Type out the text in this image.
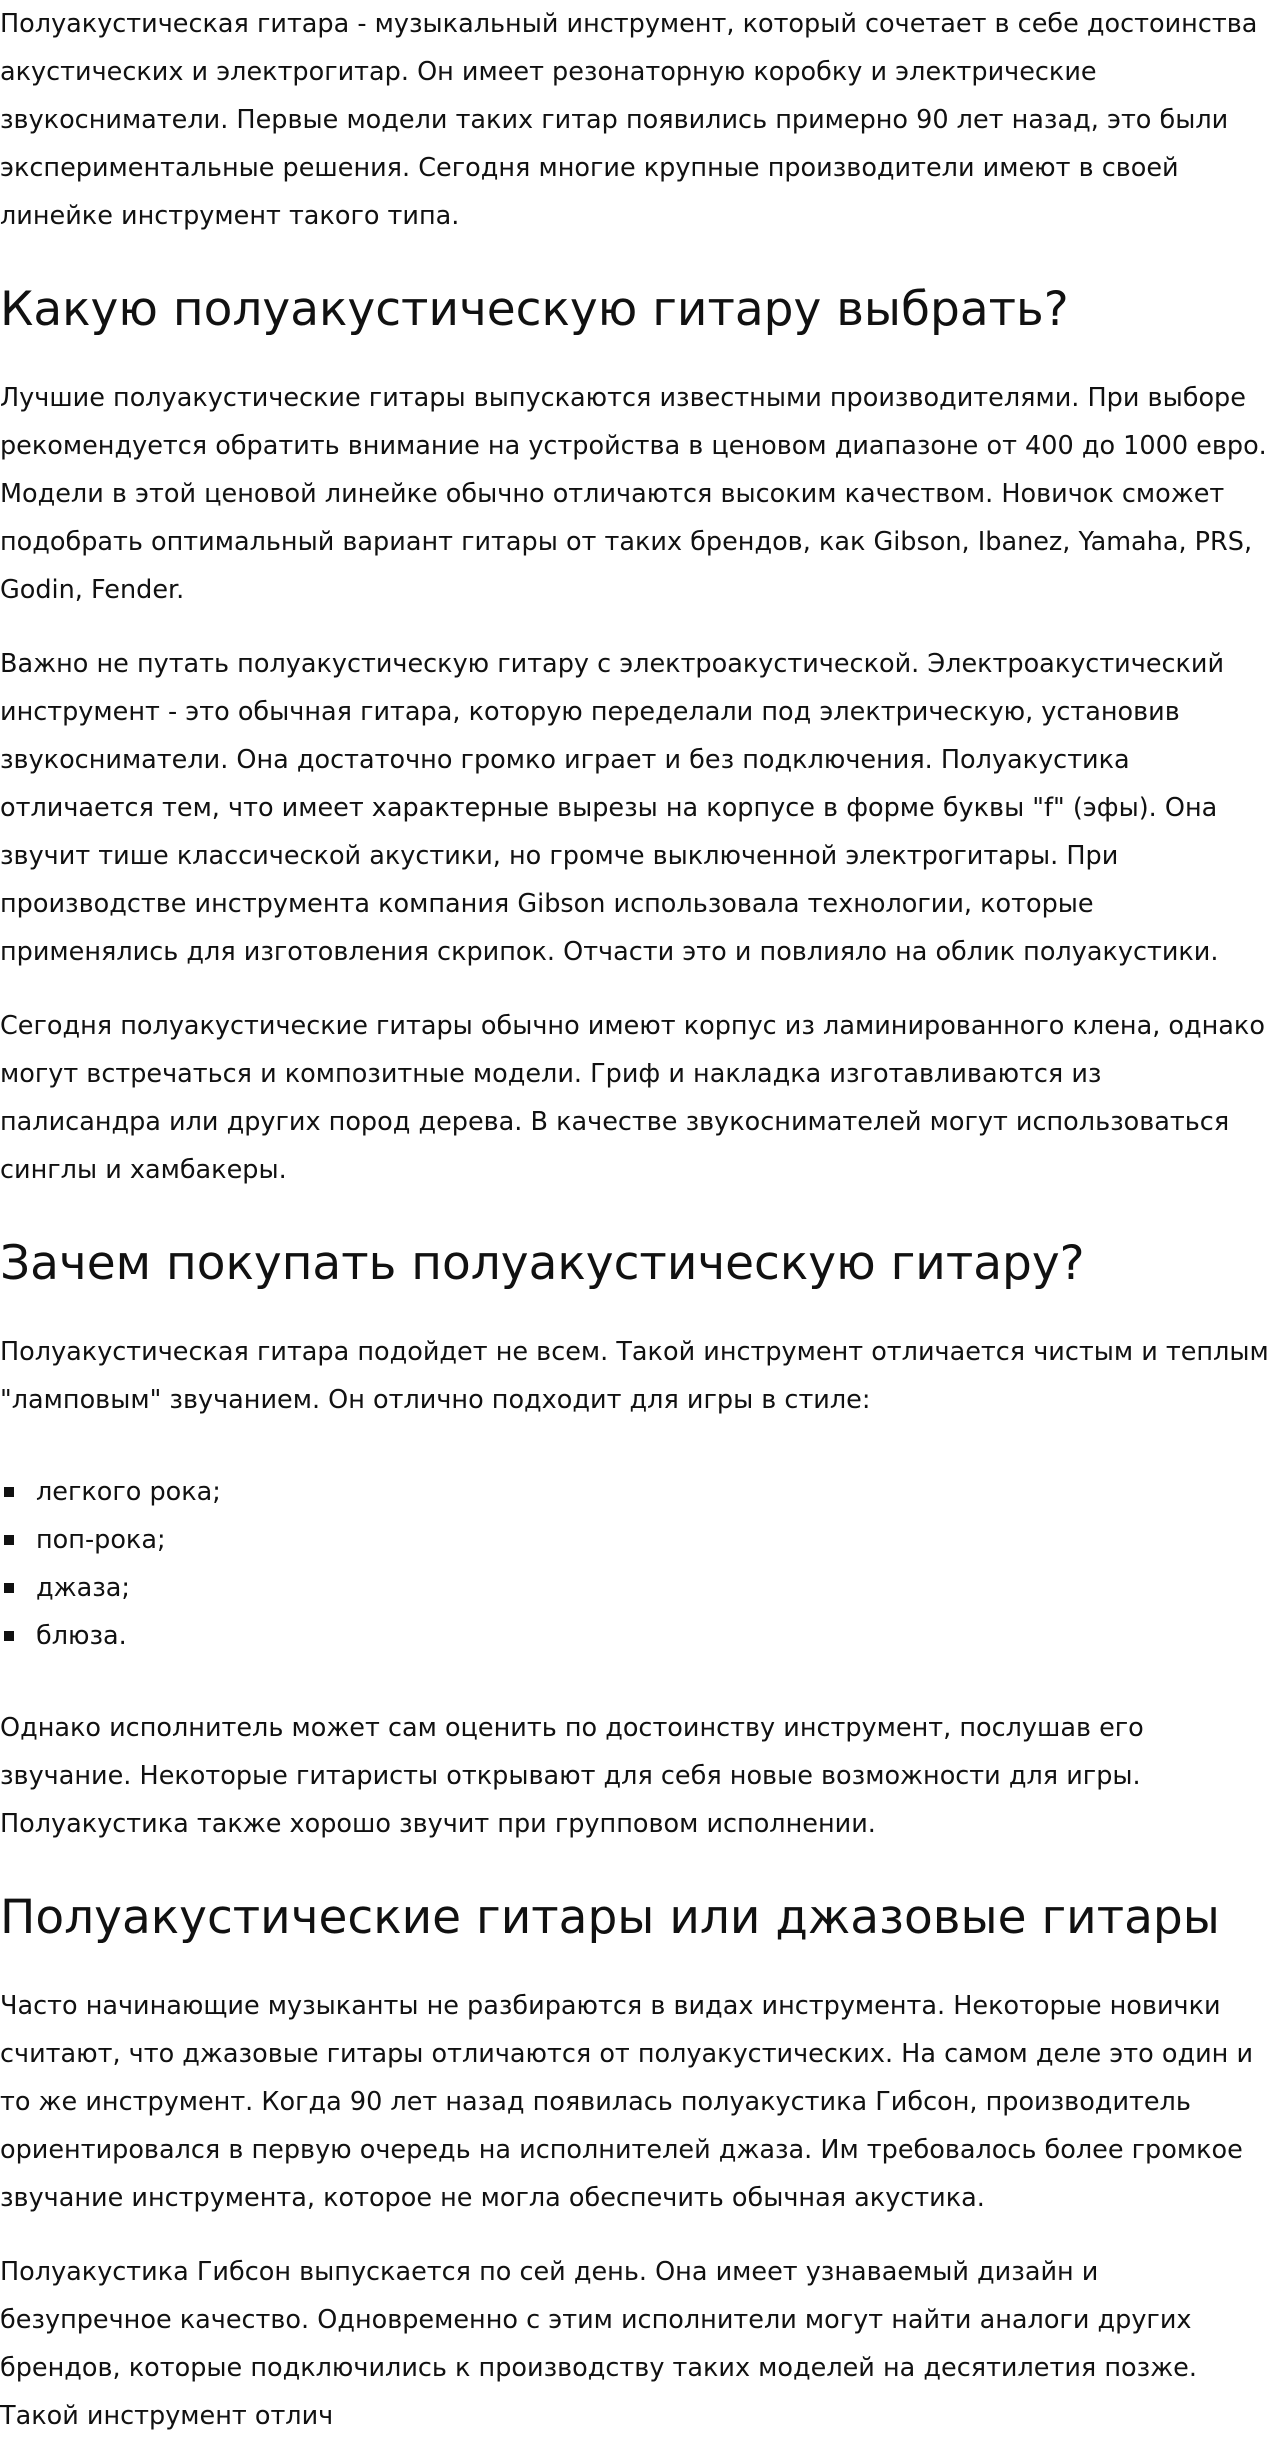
Полуакустическая гитара - музыкальный инструмент, который сочетает в себе достоинства акустических и электрогитар. Он имеет резонаторную коробку и электрические звукосниматели. Первые модели таких гитар появились примерно 90 лет назад, это были экспериментальные решения. Сегодня многие крупные производители имеют в своей линейке инструмент такого типа.

Какую полуакустическую гитару выбрать?

Лучшие полуакустические гитары выпускаются известными производителями. При выборе рекомендуется обратить внимание на устройства в ценовом диапазоне от 400 до 1000 евро. Модели в этой ценовой линейке обычно отличаются высоким качеством. Новичок сможет подобрать оптимальный вариант гитары от таких брендов, как Gibson, Ibanez, Yamaha, PRS, Godin, Fender.

Важно не путать полуакустическую гитару с электроакустической. Электроакустический инструмент - это обычная гитара, которую переделали под электрическую, установив звукосниматели. Она достаточно громко играет и без подключения. Полуакустика отличается тем, что имеет характерные вырезы на корпусе в форме буквы "f" (эфы). Она звучит тише классической акустики, но громче выключенной электрогитары. При производстве инструмента компания Gibson использовала технологии, которые применялись для изготовления скрипок. Отчасти это и повлияло на облик полуакустики.

Сегодня полуакустические гитары обычно имеют корпус из ламинированного клена, однако могут встречаться и композитные модели. Гриф и накладка изготавливаются из палисандра или других пород дерева. В качестве звукоснимателей могут использоваться синглы и хамбакеры.

Зачем покупать полуакустическую гитару?

Полуакустическая гитара подойдет не всем. Такой инструмент отличается чистым и теплым "ламповым" звучанием. Он отлично подходит для игры в стиле:

легкого рока;
поп-рока;
джаза;
блюза.

Однако исполнитель может сам оценить по достоинству инструмент, послушав его звучание. Некоторые гитаристы открывают для себя новые возможности для игры. Полуакустика также хорошо звучит при групповом исполнении.

Полуакустические гитары или джазовые гитары

Часто начинающие музыканты не разбираются в видах инструмента. Некоторые новички считают, что джазовые гитары отличаются от полуакустических. На самом деле это один и то же инструмент. Когда 90 лет назад появилась полуакустика Гибсон, производитель ориентировался в первую очередь на исполнителей джаза. Им требовалось более громкое звучание инструмента, которое не могла обеспечить обычная акустика.

Полуакустика Гибсон выпускается по сей день. Она имеет узнаваемый дизайн и безупречное качество. Одновременно с этим исполнители могут найти аналоги других брендов, которые подключились к производству таких моделей на десятилетия позже. Такой инструмент отлич
